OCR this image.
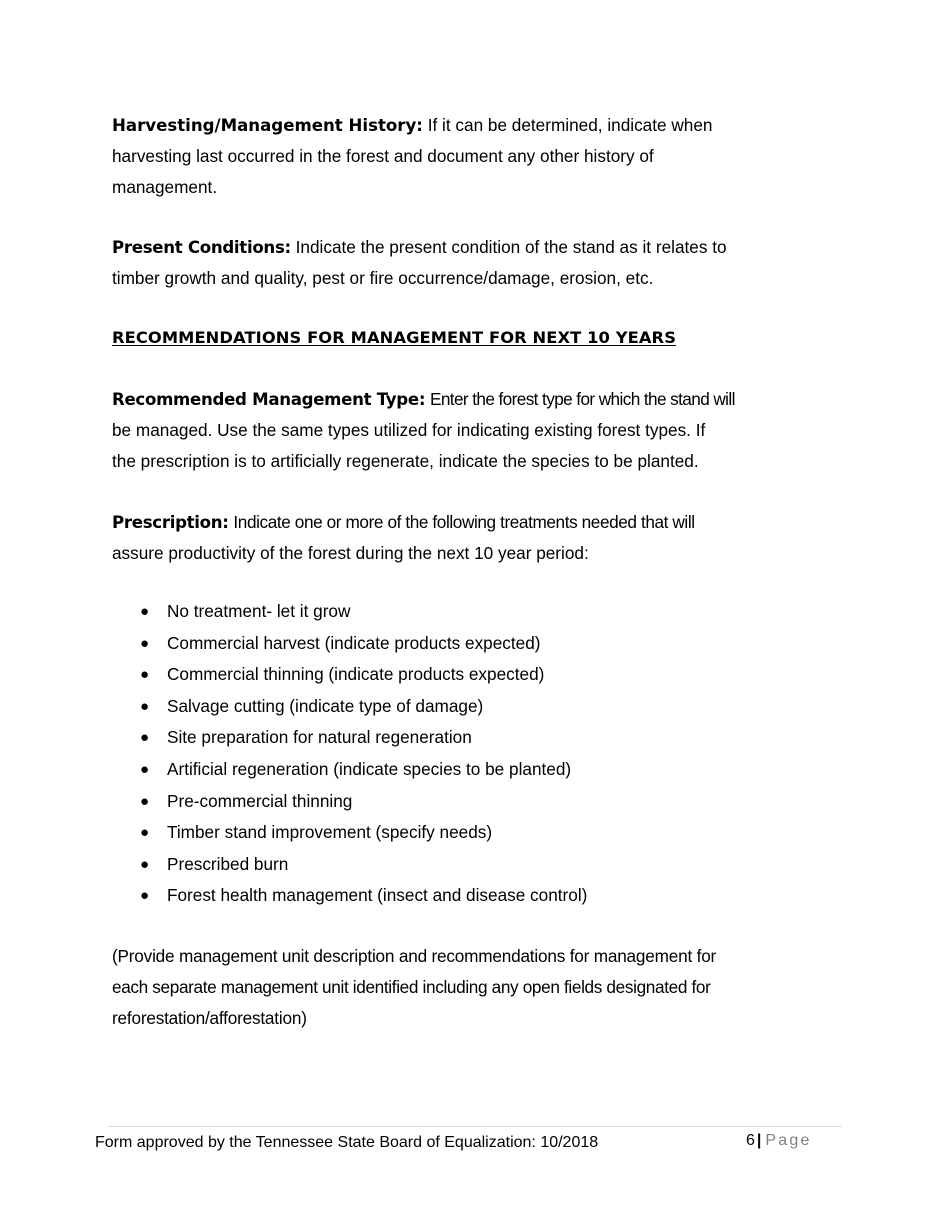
Harvesting/Management History: If it can be determined, indicate when
harvesting last occurred in the forest and document any other history of
management.

Present Conditions: Indicate the present condition of the stand as it relates to
timber growth and quality, pest or fire occurrence/damage, erosion, etc.

RECOMMENDATIONS FOR MANAGEMENT FOR NEXT 10 YEARS

Recommended Management Type: Enter the forest type for which the stand will
be managed. Use the same types utilized for indicating existing forest types. If
the prescription is to artificially regenerate, indicate the species to be planted.

Prescription: Indicate one or more of the following treatments needed that will
assure productivity of the forest during the next 10 year period:

● No treatment- let it grow
● Commercial harvest (indicate products expected)
● Commercial thinning (indicate products expected)
● Salvage cutting (indicate type of damage)
● Site preparation for natural regeneration
● Artificial regeneration (indicate species to be planted)
● Pre-commercial thinning
● Timber stand improvement (specify needs)
● Prescribed burn
● Forest health management (insect and disease control)

(Provide management unit description and recommendations for management for
each separate management unit identified including any open fields designated for
reforestation/afforestation)

Form approved by the Tennessee State Board of Equalization: 10/2018	6 | Page
